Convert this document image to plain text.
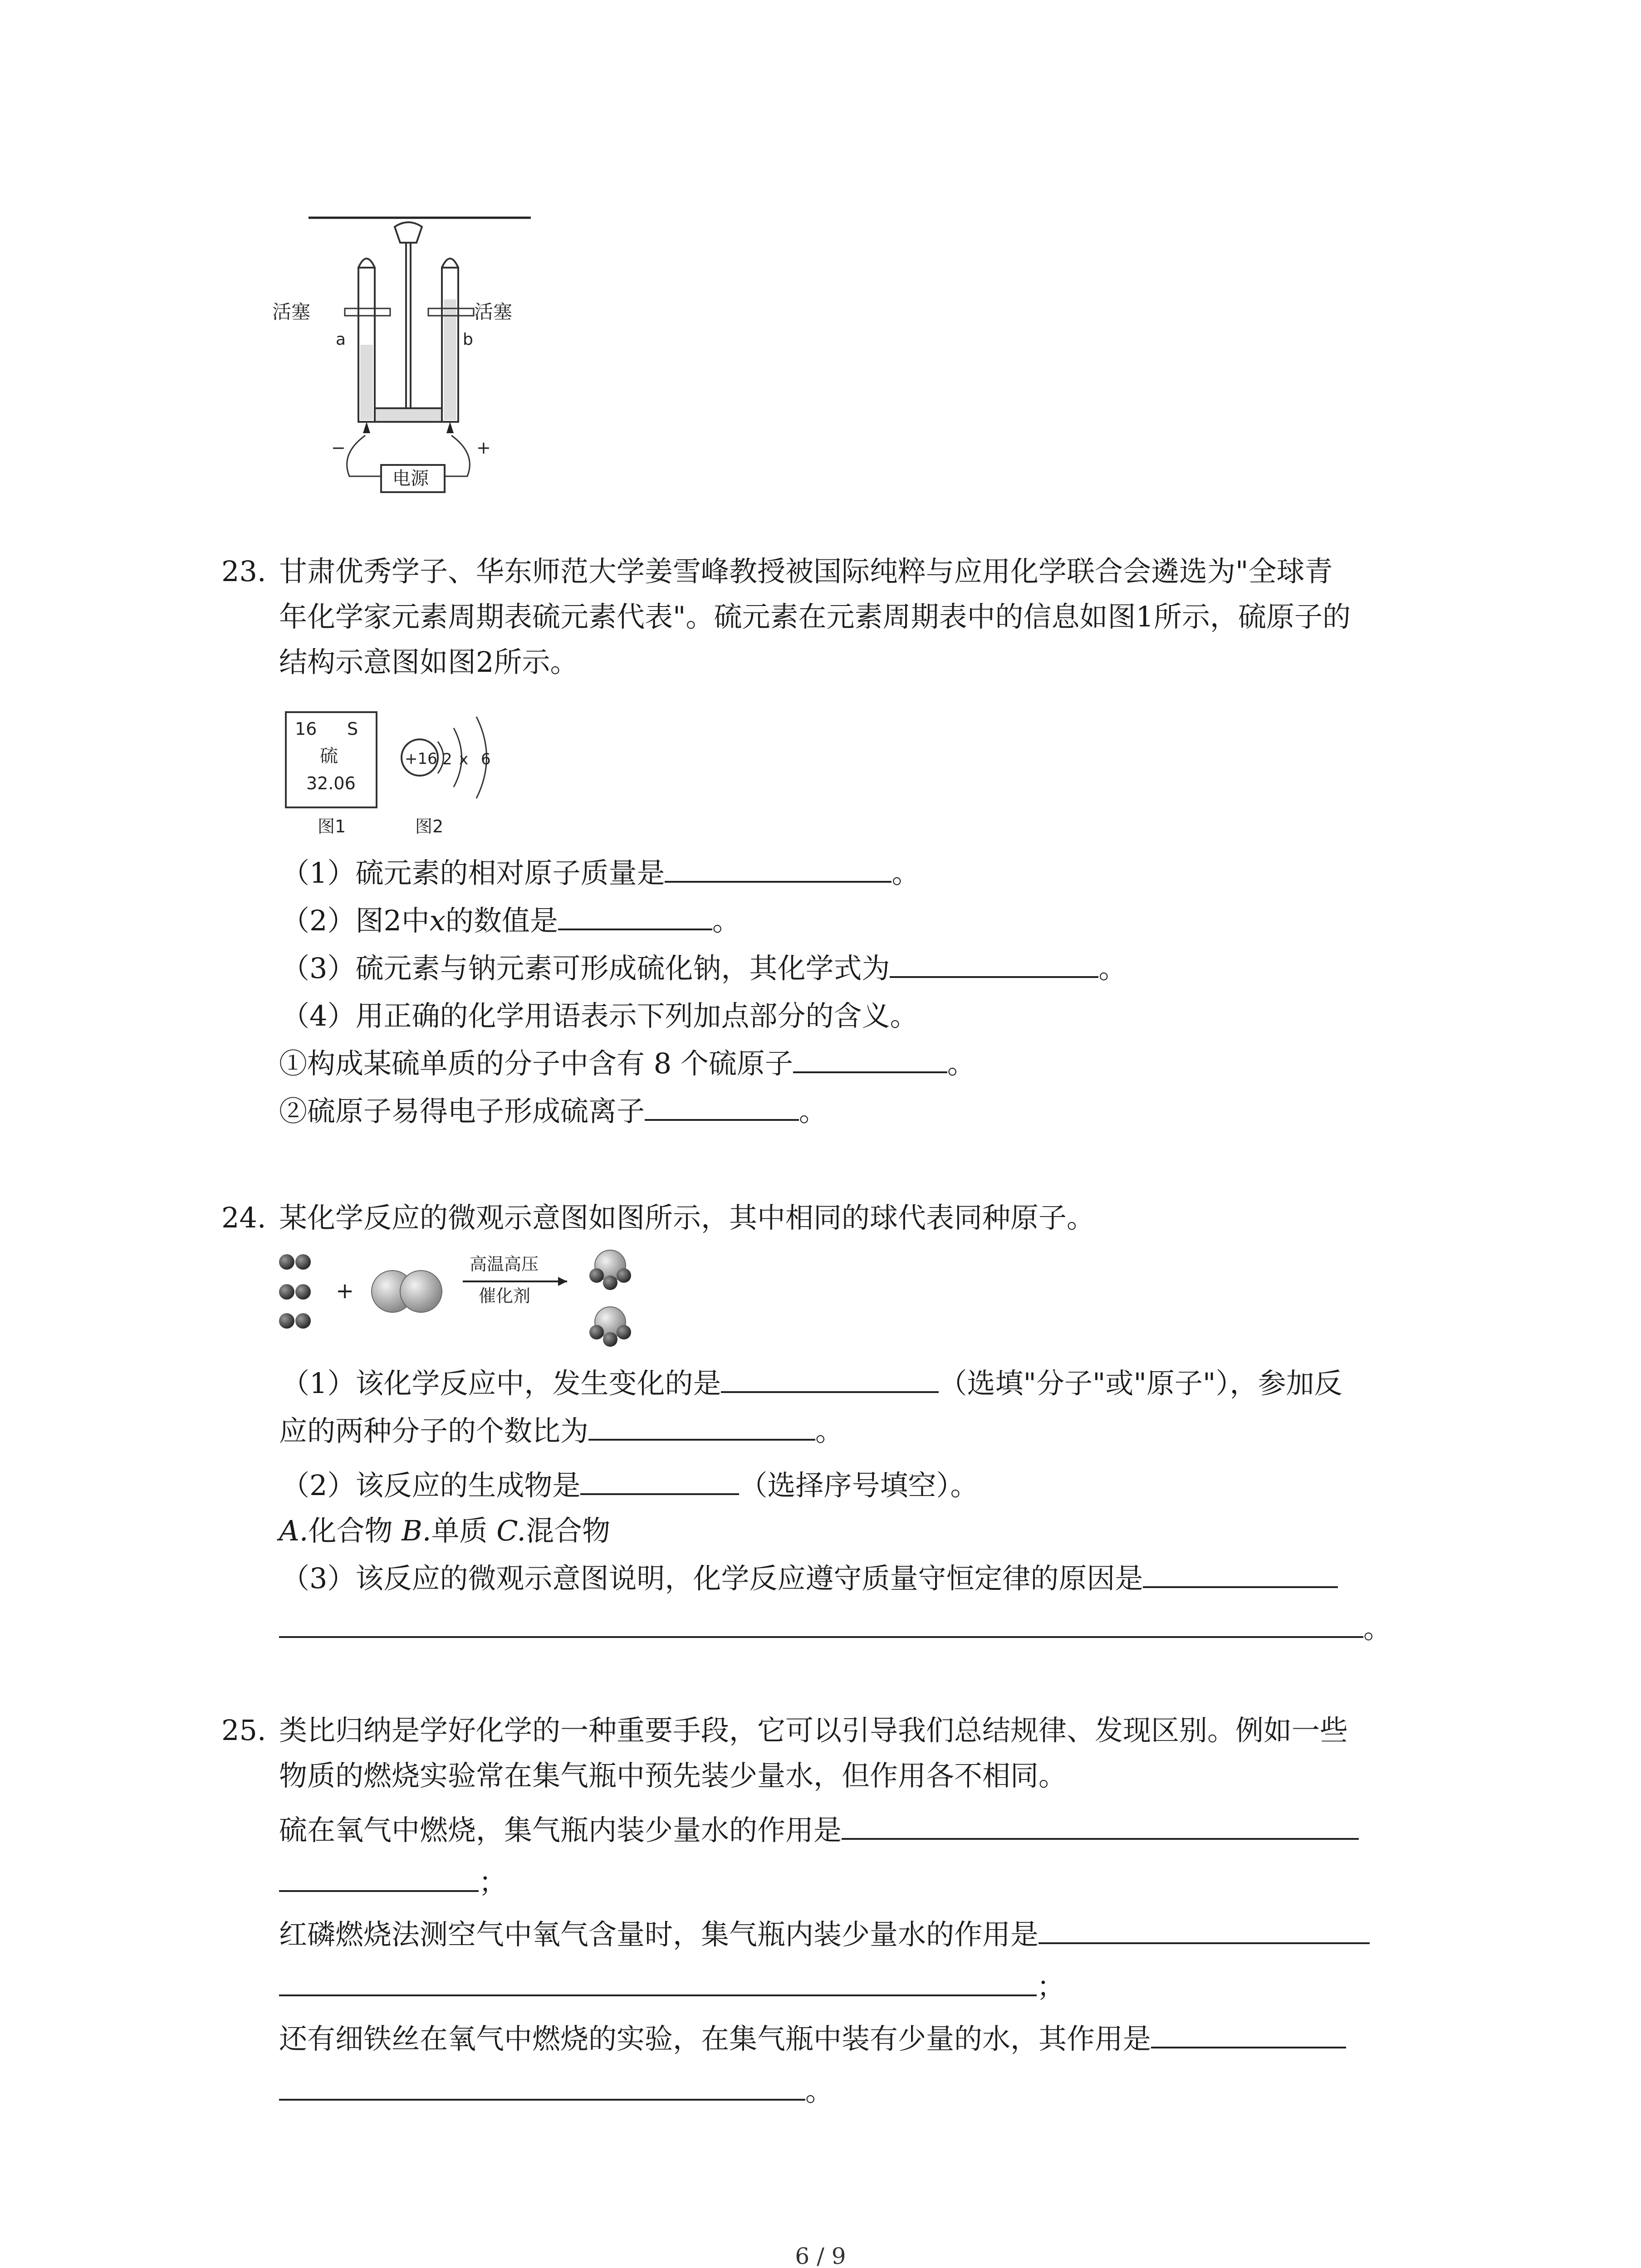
活塞	活塞
a	b
−	+
电源
23. 甘肃优秀学子、华东师范大学姜雪峰教授被国际纯粹与应用化学联合会遴选为"全球青
年化学家元素周期表硫元素代表"。硫元素在元素周期表中的信息如图1所示，硫原子的
结构示意图如图2所示。
16 S
硫
32.06
图1
+16 2 x 6
图2
（1）硫元素的相对原子质量是	。
（2）图2中x的数值是	。
（3）硫元素与钠元素可形成硫化钠，其化学式为	。
（4）用正确的化学用语表示下列加点部分的含义。
①构成某硫单质的分子中含有 8 个硫原子	。
②硫原子易得电子形成硫离子	。
24. 某化学反应的微观示意图如图所示，其中相同的球代表同种原子。
+
高温高压
催化剂
（1）该化学反应中，发生变化的是	（选填"分子"或"原子"），参加反
应的两种分子的个数比为	。
（2）该反应的生成物是	（选择序号填空）。
A.化合物 B.单质 C.混合物
（3）该反应的微观示意图说明，化学反应遵守质量守恒定律的原因是
。
25. 类比归纳是学好化学的一种重要手段，它可以引导我们总结规律、发现区别。例如一些
物质的燃烧实验常在集气瓶中预先装少量水，但作用各不相同。
硫在氧气中燃烧，集气瓶内装少量水的作用是
；
红磷燃烧法测空气中氧气含量时，集气瓶内装少量水的作用是
；
还有细铁丝在氧气中燃烧的实验，在集气瓶中装有少量的水，其作用是
。
6 / 9
